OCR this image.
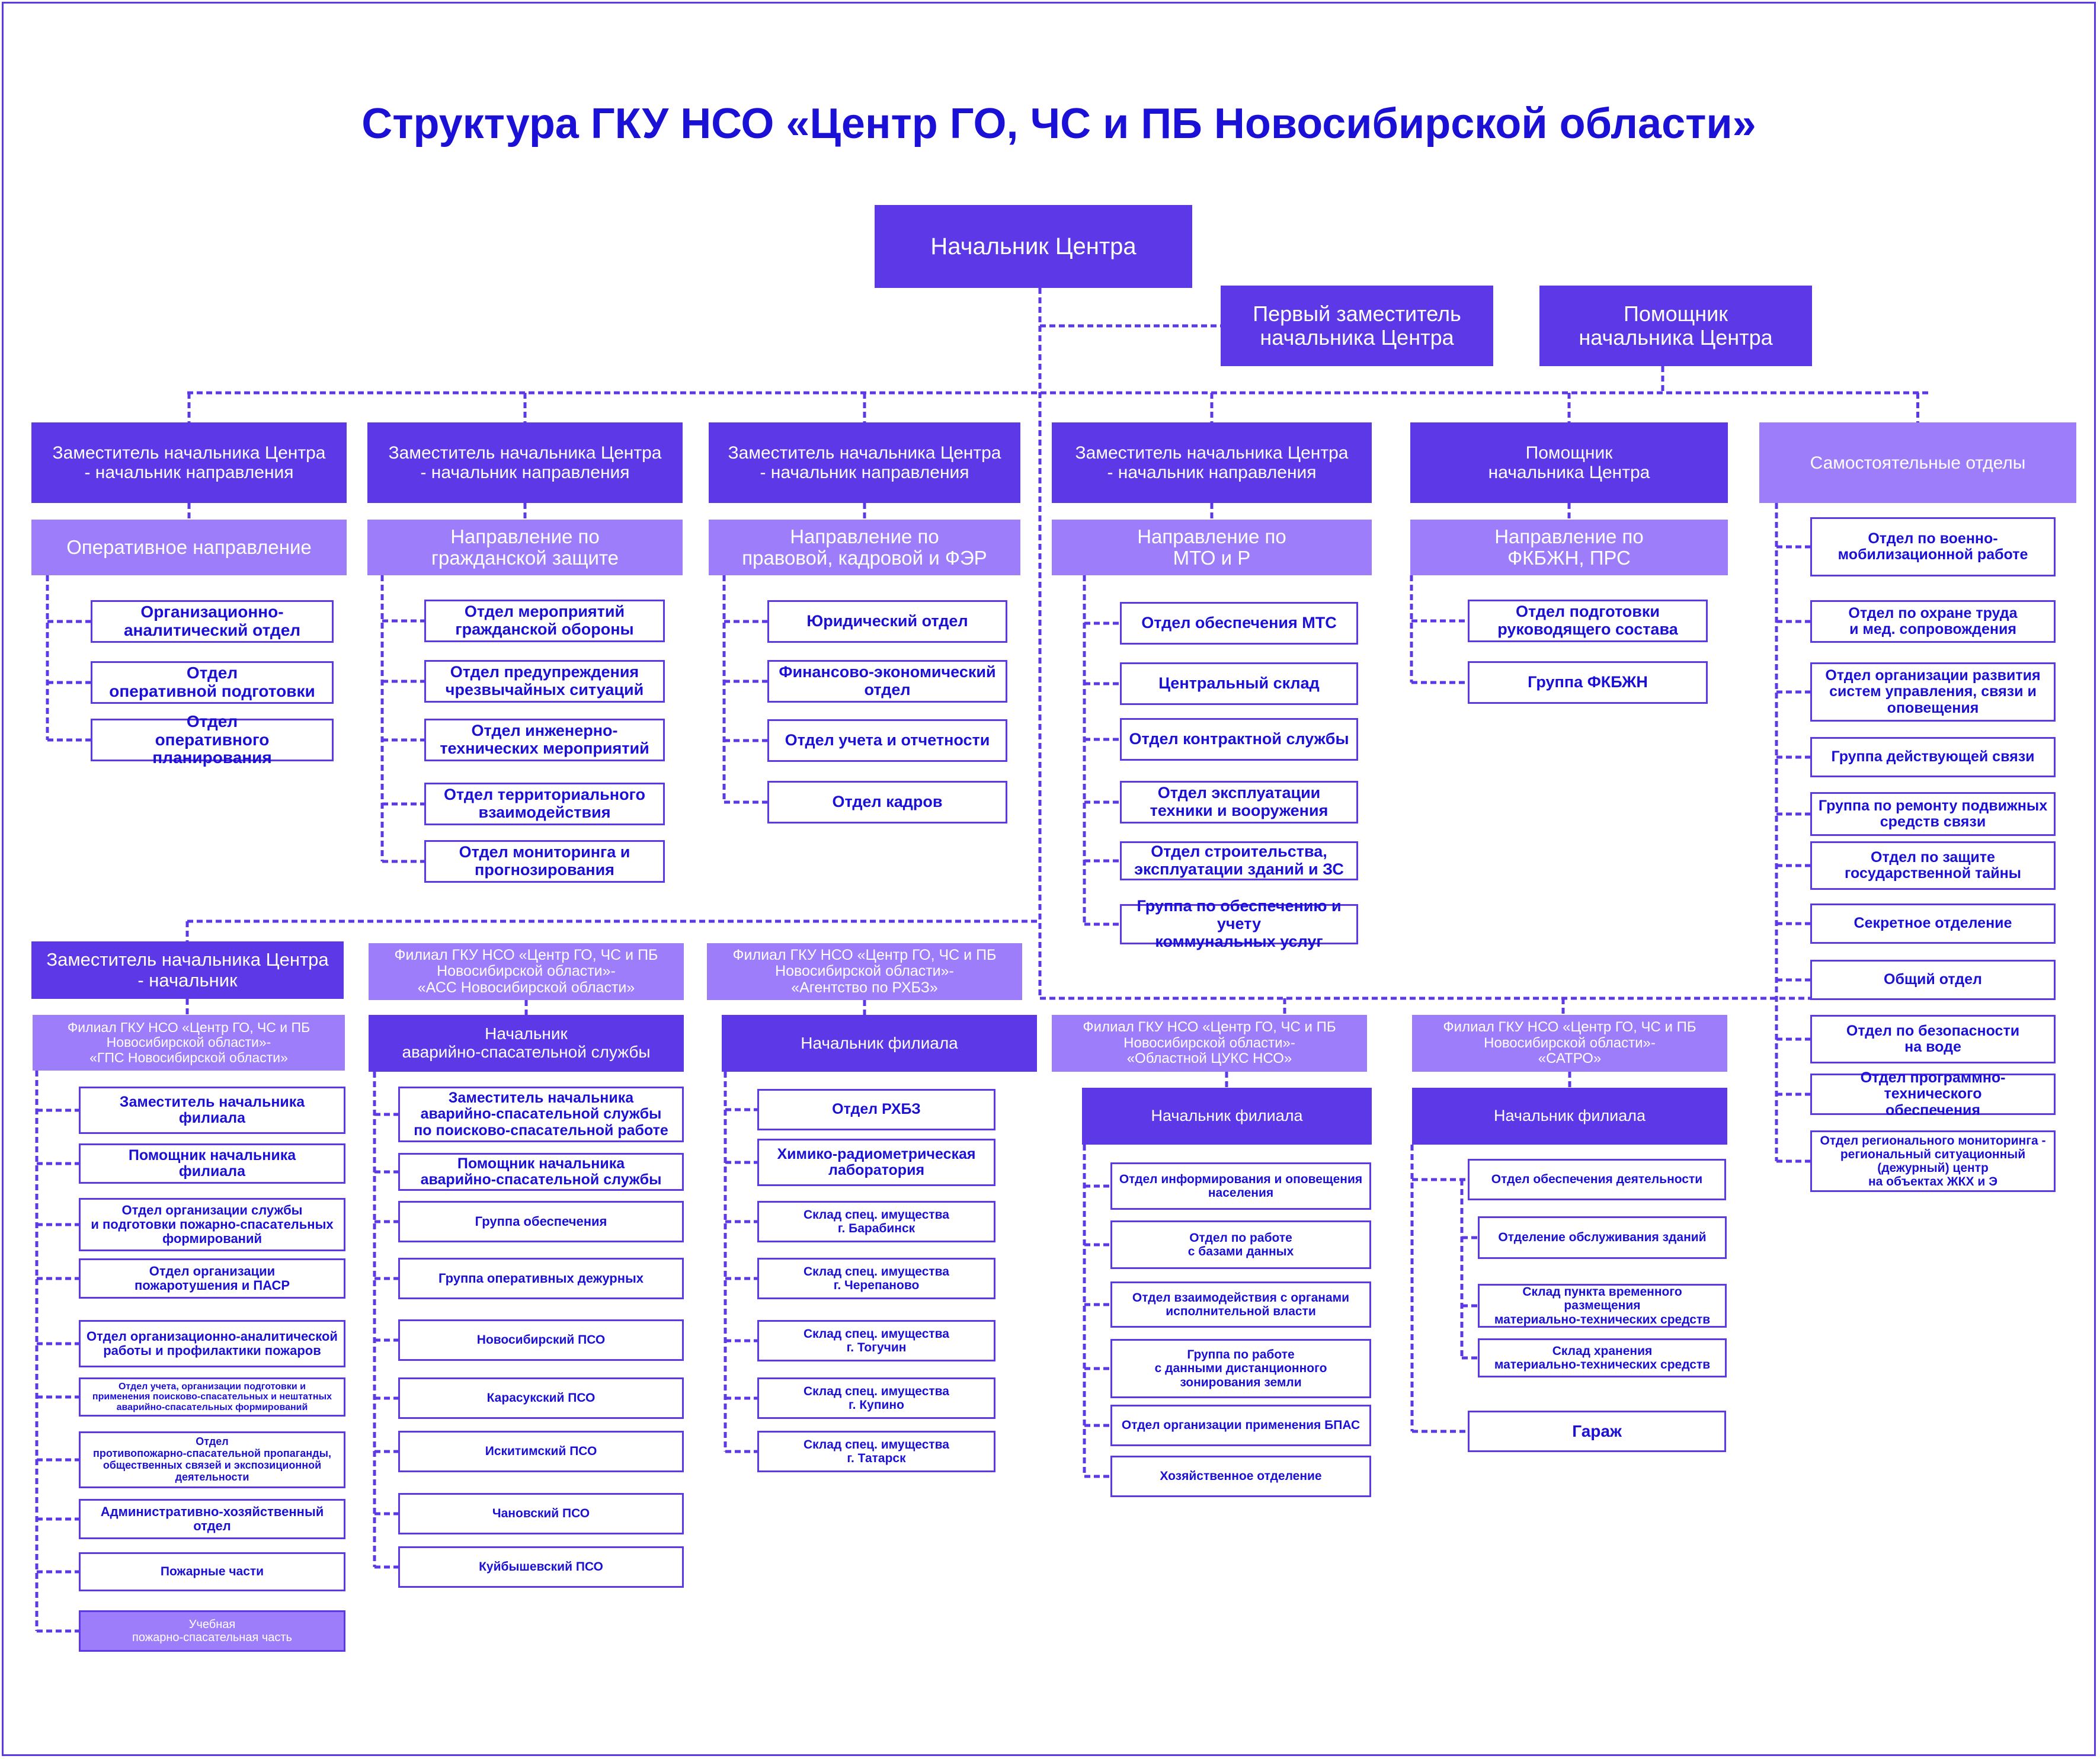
Структура ГКУ НСО «Центр ГО, ЧС и ПБ Новосибирской области»
Начальник Центра
Первый заместитель
начальника Центра
Помощник
начальника Центра
Заместитель начальника Центра
- начальник направления
Оперативное направление
Заместитель начальника Центра
- начальник направления
Направление по
гражданской защите
Заместитель начальника Центра
- начальник направления
Направление по
правовой, кадровой и ФЭР
Заместитель начальника Центра
- начальник направления
Направление по
МТО и Р
Помощник
начальника Центра
Направление по
ФКБЖН, ПРС
Самостоятельные отделы
Организационно-
аналитический отдел
Отдел
оперативной подготовки
Отдел
оперативного планирования
Отдел мероприятий
гражданской обороны
Отдел предупреждения
чрезвычайных ситуаций
Отдел инженерно-
технических мероприятий
Отдел территориального
взаимодействия
Отдел мониторинга и
прогнозирования
Юридический отдел
Финансово-экономический
отдел
Отдел учета и отчетности
Отдел кадров
Отдел обеспечения МТС
Центральный склад
Отдел контрактной службы
Отдел эксплуатации
техники и вооружения
Отдел строительства,
эксплуатации зданий и ЗС
Группа по обеспечению и учету
коммунальных услуг
Отдел подготовки
руководящего состава
Группа ФКБЖН
Отдел по военно-
мобилизационной работе
Отдел по охране труда
и мед. сопровождения
Отдел организации развития
систем управления, связи и
оповещения
Группа действующей связи
Группа по ремонту подвижных
средств связи
Отдел по защите
государственной тайны
Секретное отделение
Общий отдел
Отдел по безопасности
на воде
Отдел программно-технического
обеспечения
Отдел регионального мониторинга -
региональный ситуационный
(дежурный) центр
на объектах ЖКХ и Э
Заместитель начальника Центра
- начальник
Филиал ГКУ НСО «Центр ГО, ЧС и ПБ
Новосибирской области»-
«ГПС Новосибирской области»
Заместитель начальника
филиала
Помощник начальника
филиала
Отдел организации службы
и подготовки пожарно-спасательных
формирований
Отдел организации
пожаротушения и ПАСР
Отдел организационно-аналитической
работы и профилактики пожаров
Отдел учета, организации подготовки и
применения поисково-спасательных и нештатных
аварийно-спасательных формирований
Отдел
противопожарно-спасательной пропаганды,
общественных связей и экспозиционной
деятельности
Административно-хозяйственный отдел
Пожарные части
Учебная
пожарно-спасательная часть
Филиал ГКУ НСО «Центр ГО, ЧС и ПБ
Новосибирской области»-
«АСС Новосибирской области»
Начальник
аварийно-спасательной службы
Заместитель начальника
аварийно-спасательной службы
по поисково-спасательной работе
Помощник начальника
аварийно-спасательной службы
Группа обеспечения
Группа оперативных дежурных
Новосибирский ПСО
Карасукский ПСО
Искитимский ПСО
Чановский ПСО
Куйбышевский ПСО
Филиал ГКУ НСО «Центр ГО, ЧС и ПБ
Новосибирской области»-
«Агентство по РХБЗ»
Начальник филиала
Отдел РХБЗ
Химико-радиометрическая
лаборатория
Склад спец. имущества
г. Барабинск
Склад спец. имущества
г. Черепаново
Склад спец. имущества
г. Тогучин
Склад спец. имущества
г. Купино
Склад спец. имущества
г. Татарск
Филиал ГКУ НСО «Центр ГО, ЧС и ПБ
Новосибирской области»-
«Областной ЦУКС НСО»
Начальник филиала
Отдел информирования и оповещения
населения
Отдел по работе
с базами данных
Отдел взаимодействия с органами
исполнительной власти
Группа по работе
с данными дистанционного
зонирования земли
Отдел организации применения БПАС
Хозяйственное отделение
Филиал ГКУ НСО «Центр ГО, ЧС и ПБ
Новосибирской области»-
«САТРО»
Начальник филиала
Отдел обеспечения деятельности
Гараж
Отделение обслуживания зданий
Склад пункта временного размещения
материально-технических средств
Склад хранения
материально-технических средств
